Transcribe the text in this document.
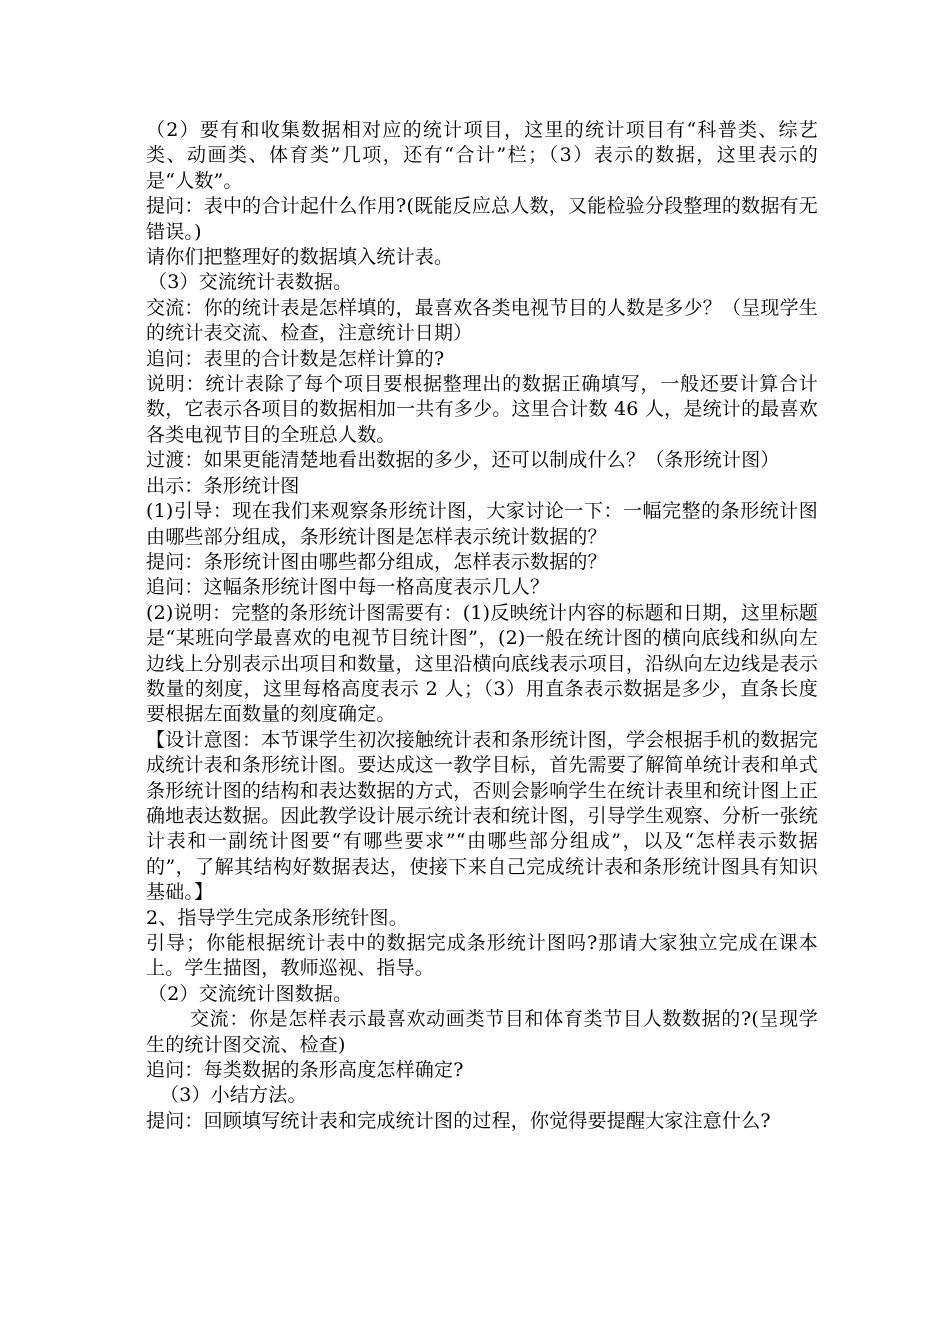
（2）要有和收集数据相对应的统计项目，这里的统计项目有“科普类、综艺类、动画类、体育类”几项，还有“合计”栏；（3）表示的数据，这里表示的是“人数”。

提问：表中的合计起什么作用?(既能反应总人数，又能检验分段整理的数据有无错误。)

请你们把整理好的数据填入统计表。

（3）交流统计表数据。

交流：你的统计表是怎样填的，最喜欢各类电视节目的人数是多少？（呈现学生的统计表交流、检查，注意统计日期）

追问：表里的合计数是怎样计算的?

说明：统计表除了每个项目要根据整理出的数据正确填写，一般还要计算合计数，它表示各项目的数据相加一共有多少。这里合计数 46 人，是统计的最喜欢各类电视节目的全班总人数。

过渡：如果更能清楚地看出数据的多少，还可以制成什么？（条形统计图）

出示：条形统计图

(1)引导：现在我们来观察条形统计图，大家讨论一下：一幅完整的条形统计图由哪些部分组成，条形统计图是怎样表示统计数据的？

提问：条形统计图由哪些都分组成，怎样表示数据的？

追问：这幅条形统计图中每一格高度表示几人？

(2)说明：完整的条形统计图需要有：(1)反映统计内容的标题和日期，这里标题是“某班向学最喜欢的电视节目统计图”，(2)一般在统计图的横向底线和纵向左边线上分别表示出项目和数量，这里沿横向底线表示项目，沿纵向左边线是表示数量的刻度，这里每格高度表示 2 人；（3）用直条表示数据是多少，直条长度要根据左面数量的刻度确定。

【设计意图：本节课学生初次接触统计表和条形统计图，学会根据手机的数据完成统计表和条形统计图。要达成这一教学目标，首先需要了解简单统计表和单式条形统计图的结构和表达数据的方式，否则会影响学生在统计表里和统计图上正确地表达数据。因此教学设计展示统计表和统计图，引导学生观察、分析一张统计表和一副统计图要“有哪些要求”“由哪些部分组成”，以及“怎样表示数据的”，了解其结构好数据表达，使接下来自己完成统计表和条形统计图具有知识基础。】

2、指导学生完成条形统针图。

引导；你能根据统计表中的数据完成条形统计图吗?那请大家独立完成在课本上。学生描图，教师巡视、指导。

（2）交流统计图数据。

交流：你是怎样表示最喜欢动画类节目和体育类节目人数数据的?(呈现学生的统计图交流、检查)

追问：每类数据的条形高度怎样确定?

（3）小结方法。

提问：回顾填写统计表和完成统计图的过程，你觉得要提醒大家注意什么?
